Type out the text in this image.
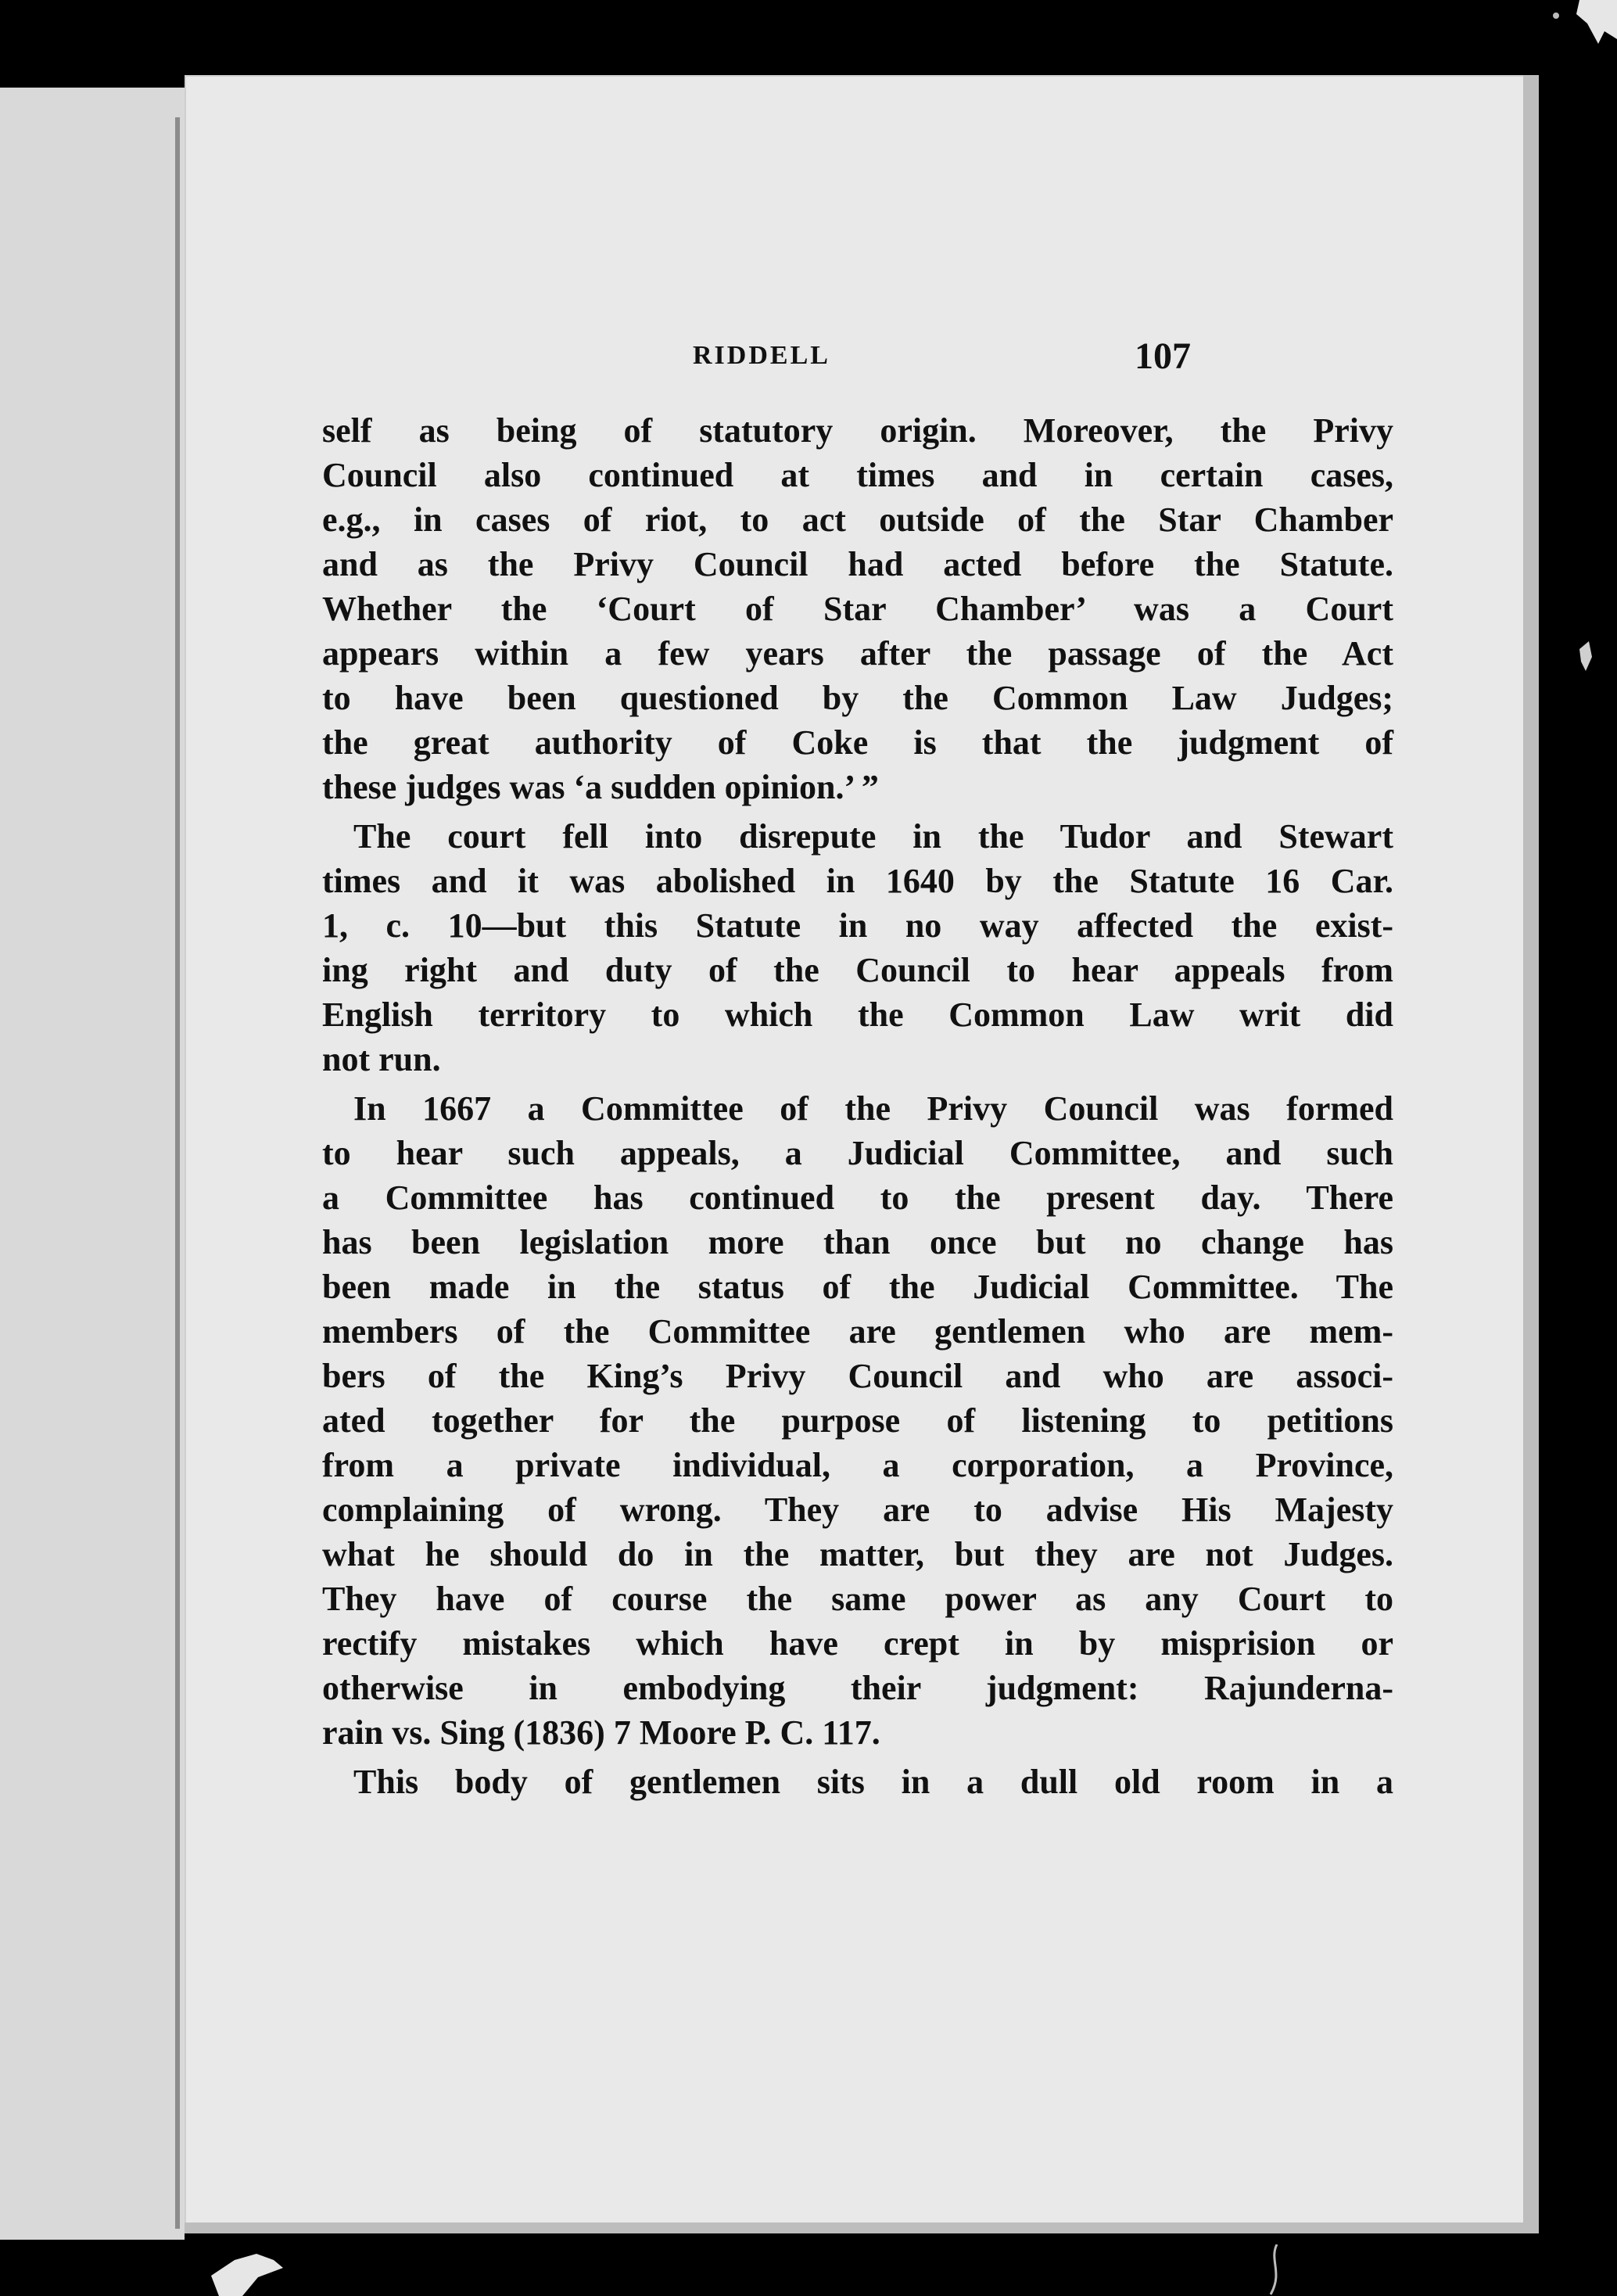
RIDDELL	107
self as being of statutory origin. Moreover, the Privy
Council also continued at times and in certain cases,
e.g., in cases of riot, to act outside of the Star Chamber
and as the Privy Council had acted before the Statute.
Whether the ‘Court of Star Chamber’ was a Court
appears within a few years after the passage of the Act
to have been questioned by the Common Law Judges;
the great authority of Coke is that the judgment of
these judges was ‘a sudden opinion.’ ”
The court fell into disrepute in the Tudor and Stewart
times and it was abolished in 1640 by the Statute 16 Car.
1, c. 10—but this Statute in no way affected the exist-
ing right and duty of the Council to hear appeals from
English territory to which the Common Law writ did
not run.
In 1667 a Committee of the Privy Council was formed
to hear such appeals, a Judicial Committee, and such
a Committee has continued to the present day. There
has been legislation more than once but no change has
been made in the status of the Judicial Committee. The
members of the Committee are gentlemen who are mem-
bers of the King’s Privy Council and who are associ-
ated together for the purpose of listening to petitions
from a private individual, a corporation, a Province,
complaining of wrong. They are to advise His Majesty
what he should do in the matter, but they are not Judges.
They have of course the same power as any Court to
rectify mistakes which have crept in by misprision or
otherwise in embodying their judgment: Rajunderna-
rain vs. Sing (1836) 7 Moore P. C. 117.
This body of gentlemen sits in a dull old room in a
